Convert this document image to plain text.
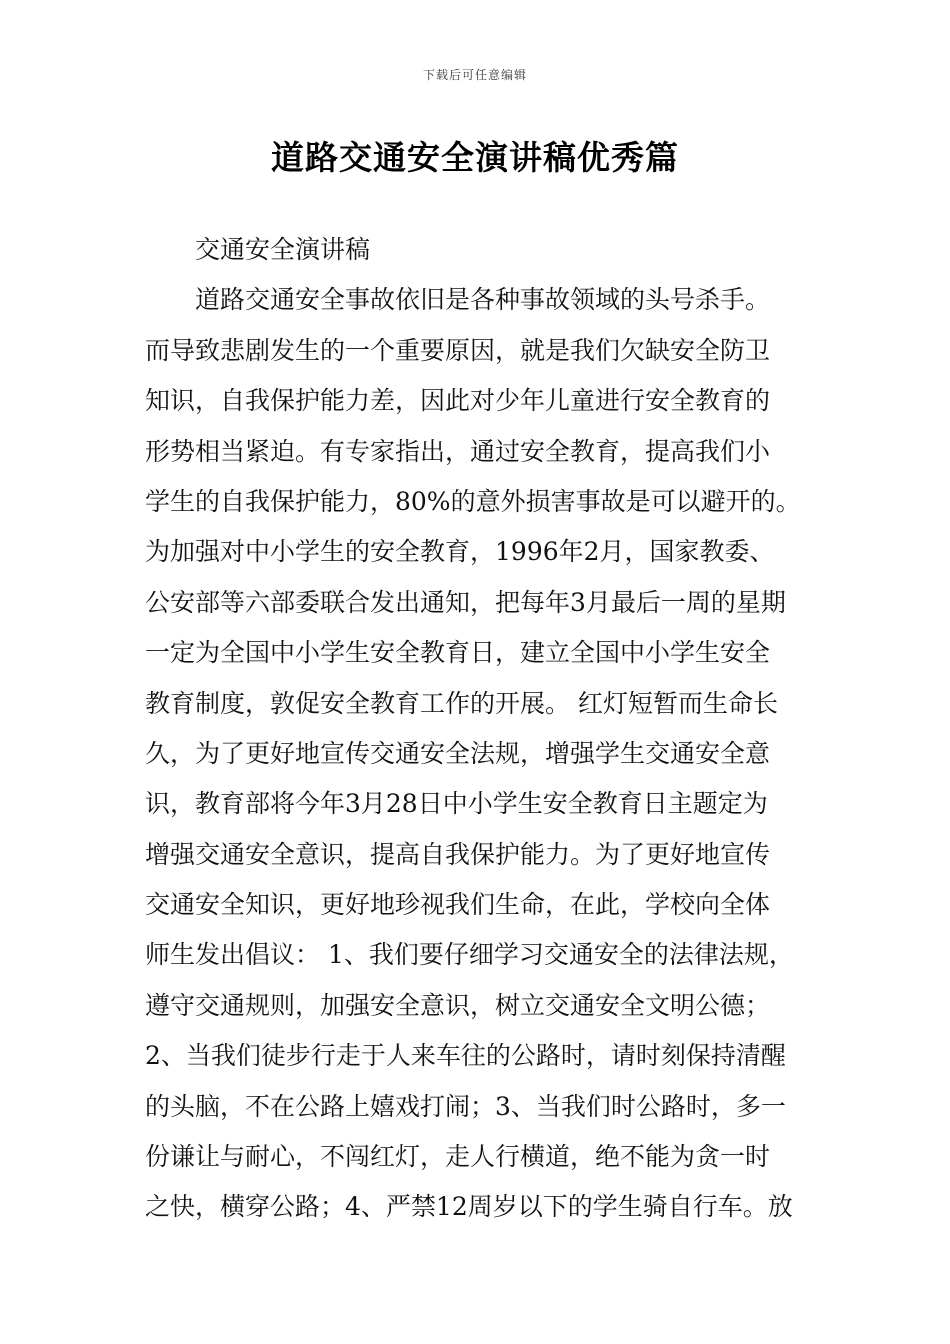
下载后可任意编辑
道路交通安全演讲稿优秀篇
交通安全演讲稿
道路交通安全事故依旧是各种事故领域的头号杀手。
而导致悲剧发生的一个重要原因，就是我们欠缺安全防卫
知识，自我保护能力差，因此对少年儿童进行安全教育的
形势相当紧迫。有专家指出，通过安全教育，提高我们小
学生的自我保护能力，80%的意外损害事故是可以避开的。
为加强对中小学生的安全教育，1996年2月，国家教委、
公安部等六部委联合发出通知，把每年3月最后一周的星期
一定为全国中小学生安全教育日，建立全国中小学生安全
教育制度，敦促安全教育工作的开展。 红灯短暂而生命长
久，为了更好地宣传交通安全法规，增强学生交通安全意
识，教育部将今年3月28日中小学生安全教育日主题定为
增强交通安全意识，提高自我保护能力。为了更好地宣传
交通安全知识，更好地珍视我们生命，在此，学校向全体
师生发出倡议： 1、我们要仔细学习交通安全的法律法规，
遵守交通规则，加强安全意识，树立交通安全文明公德；
2、当我们徒步行走于人来车往的公路时，请时刻保持清醒
的头脑，不在公路上嬉戏打闹；3、当我们时公路时，多一
份谦让与耐心，不闯红灯，走人行横道，绝不能为贪一时
之快，横穿公路；4、严禁12周岁以下的学生骑自行车。放
